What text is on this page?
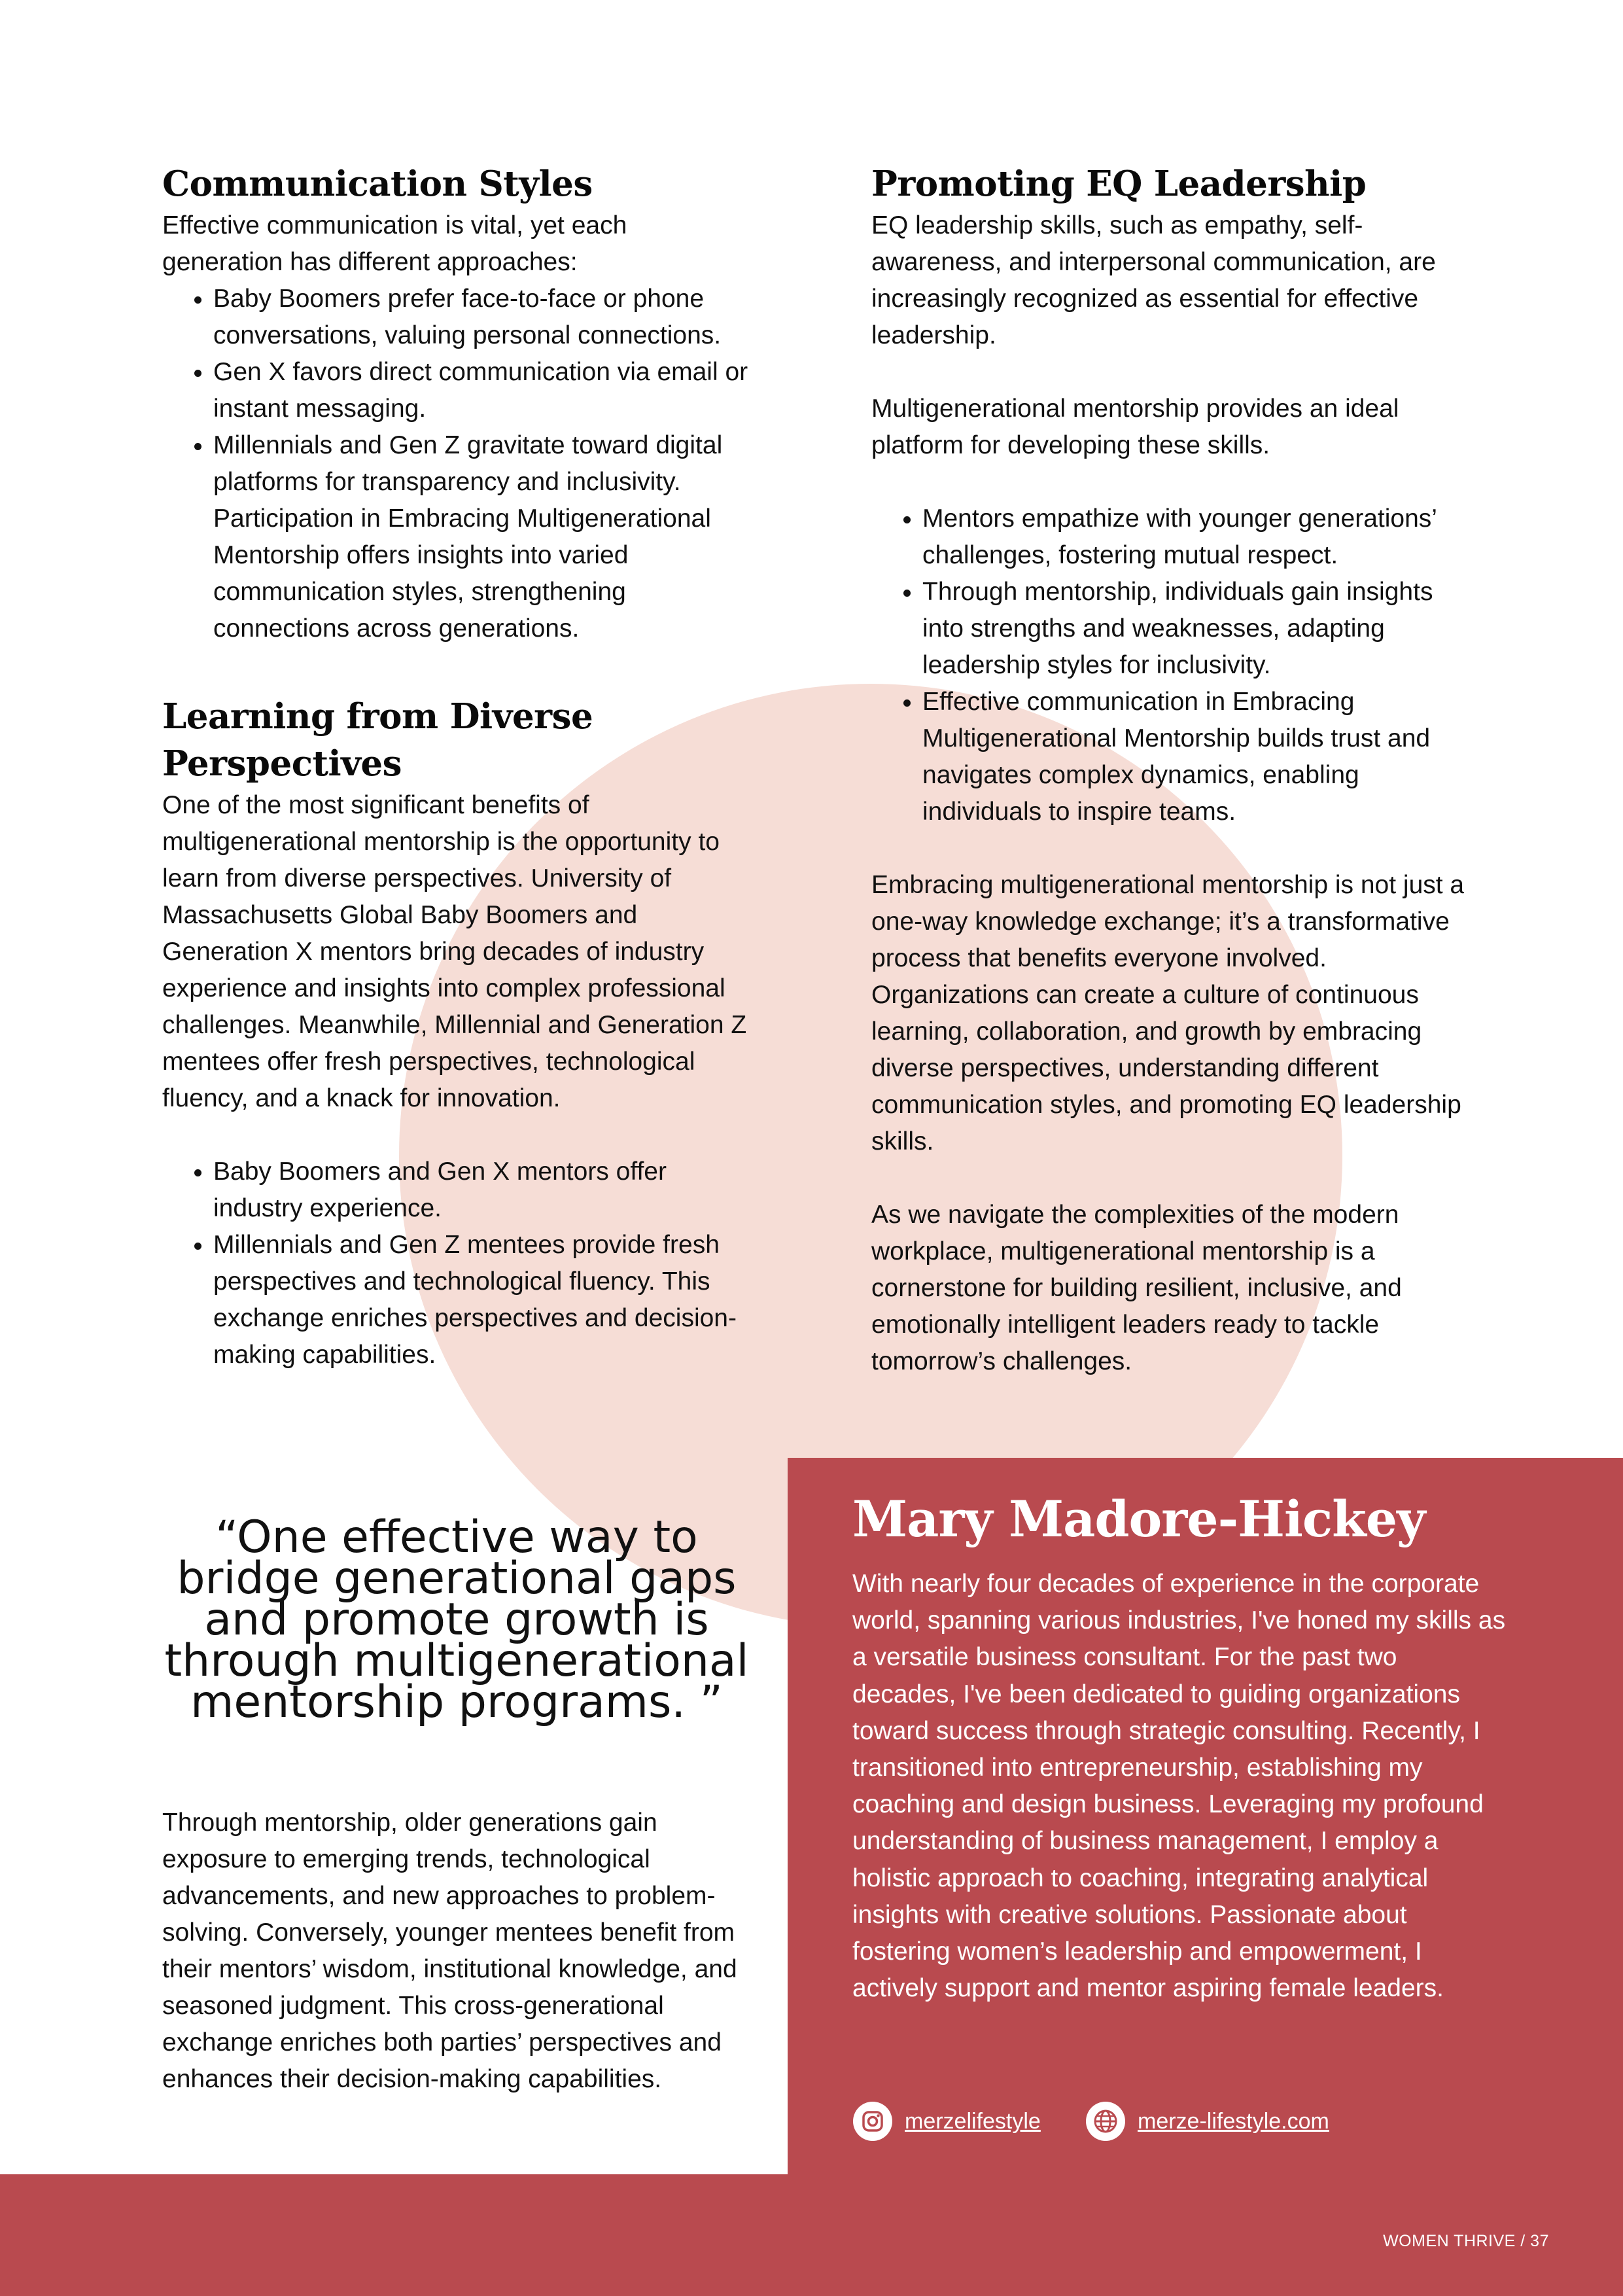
Communication Styles

Effective communication is vital, yet each generation has different approaches:

• Baby Boomers prefer face-to-face or phone conversations, valuing personal connections.
• Gen X favors direct communication via email or instant messaging.
• Millennials and Gen Z gravitate toward digital platforms for transparency and inclusivity. Participation in Embracing Multigenerational Mentorship offers insights into varied communication styles, strengthening connections across generations.
Learning from Diverse
Perspectives

One of the most significant benefits of multigenerational mentorship is the opportunity to learn from diverse perspectives. University of Massachusetts Global Baby Boomers and Generation X mentors bring decades of industry experience and insights into complex professional challenges. Meanwhile, Millennial and Generation Z mentees offer fresh perspectives, technological fluency, and a knack for innovation.

• Baby Boomers and Gen X mentors offer industry experience.
• Millennials and Gen Z mentees provide fresh perspectives and technological fluency. This exchange enriches perspectives and decision-making capabilities.
“One effective way to
bridge generational gaps
and promote growth is
through multigenerational
mentorship programs. ”

Through mentorship, older generations gain exposure to emerging trends, technological advancements, and new approaches to problem-solving. Conversely, younger mentees benefit from their mentors’ wisdom, institutional knowledge, and seasoned judgment. This cross-generational exchange enriches both parties’ perspectives and enhances their decision-making capabilities.

Promoting EQ Leadership

EQ leadership skills, such as empathy, self-awareness, and interpersonal communication, are increasingly recognized as essential for effective leadership.

Multigenerational mentorship provides an ideal platform for developing these skills.

• Mentors empathize with younger generations’ challenges, fostering mutual respect.
• Through mentorship, individuals gain insights into strengths and weaknesses, adapting leadership styles for inclusivity.
• Effective communication in Embracing Multigenerational Mentorship builds trust and navigates complex dynamics, enabling individuals to inspire teams.

Embracing multigenerational mentorship is not just a one-way knowledge exchange; it’s a transformative process that benefits everyone involved. Organizations can create a culture of continuous learning, collaboration, and growth by embracing diverse perspectives, understanding different communication styles, and promoting EQ leadership skills.

As we navigate the complexities of the modern workplace, multigenerational mentorship is a cornerstone for building resilient, inclusive, and emotionally intelligent leaders ready to tackle tomorrow’s challenges.

Mary Madore-Hickey

With nearly four decades of experience in the corporate world, spanning various industries, I've honed my skills as a versatile business consultant. For the past two decades, I've been dedicated to guiding organizations toward success through strategic consulting. Recently, I transitioned into entrepreneurship, establishing my coaching and design business. Leveraging my profound understanding of business management, I employ a holistic approach to coaching, integrating analytical insights with creative solutions. Passionate about fostering women’s leadership and empowerment, I actively support and mentor aspiring female leaders.

merzelifestyle	merze-lifestyle.com

WOMEN THRIVE / 37
